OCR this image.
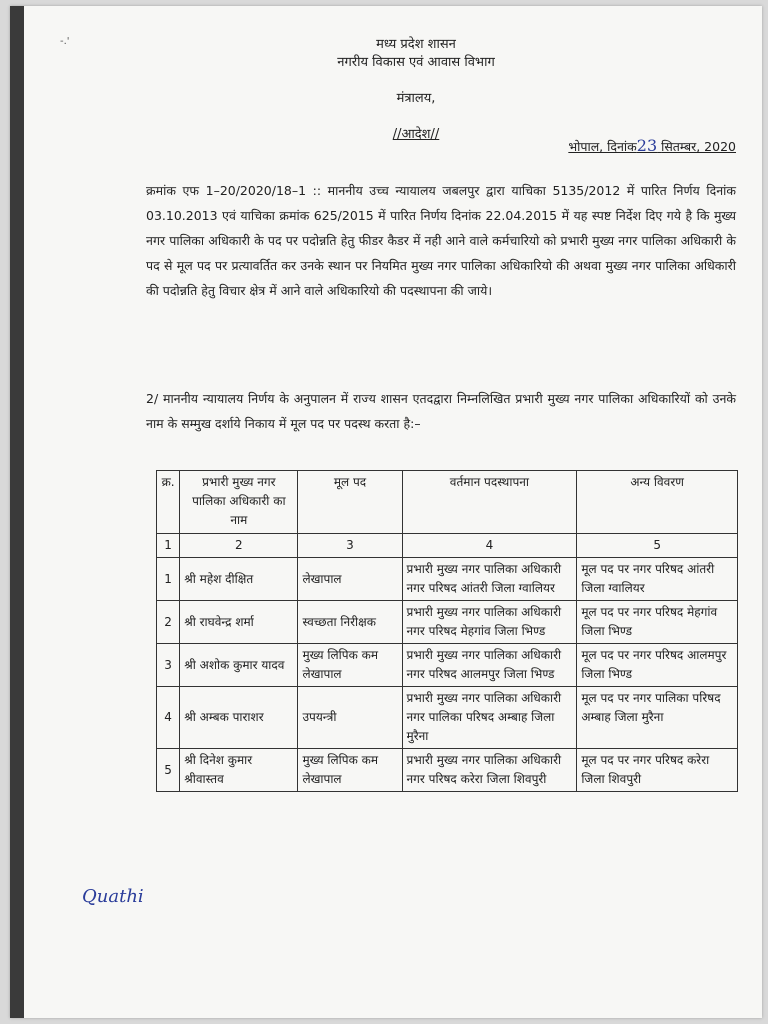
-.'	मध्य प्रदेश शासन
नगरीय विकास एवं आवास विभाग
मंत्रालय,
//आदेश//
भोपाल, दिनांक23 सितम्बर, 2020
क्रमांक एफ 1–20/2020/18–1 :: माननीय उच्च न्यायालय जबलपुर द्वारा याचिका 5135/2012 में पारित निर्णय दिनांक 03.10.2013 एवं याचिका क्रमांक 625/2015 में पारित निर्णय दिनांक 22.04.2015 में यह स्पष्ट निर्देश दिए गये है कि मुख्य नगर पालिका अधिकारी के पद पर पदोन्नति हेतु फीडर कैडर में नही आने वाले कर्मचारियो को प्रभारी मुख्य नगर पालिका अधिकारी के पद से मूल पद पर प्रत्यावर्तित कर उनके स्थान पर नियमित मुख्य नगर पालिका अधिकारियो की अथवा मुख्य नगर पालिका अधिकारी की पदोन्नति हेतु विचार क्षेत्र में आने वाले अधिकारियो की पदस्थापना की जाये।
2/ माननीय न्यायालय निर्णय के अनुपालन में राज्य शासन एतदद्वारा निम्नलिखित प्रभारी मुख्य नगर पालिका अधिकारियों को उनके नाम के सम्मुख दर्शाये निकाय में मूल पद पर पदस्थ करता है:–
क्र.	प्रभारी मुख्य नगर पालिका अधिकारी का नाम	मूल पद	वर्तमान पदस्थापना	अन्य विवरण
1	2	3	4	5
1	श्री महेश दीक्षित	लेखापाल	प्रभारी मुख्य नगर पालिका अधिकारी नगर परिषद आंतरी जिला ग्वालियर	मूल पद पर नगर परिषद आंतरी जिला ग्वालियर
2	श्री राघवेन्द्र शर्मा	स्वच्छता निरीक्षक	प्रभारी मुख्य नगर पालिका अधिकारी नगर परिषद मेहगांव जिला भिण्ड	मूल पद पर नगर परिषद मेहगांव जिला भिण्ड
3	श्री अशोक कुमार यादव	मुख्य लिपिक कम लेखापाल	प्रभारी मुख्य नगर पालिका अधिकारी नगर परिषद आलमपुर जिला भिण्ड	मूल पद पर नगर परिषद आलमपुर जिला भिण्ड
4	श्री अम्बक पाराशर	उपयन्त्री	प्रभारी मुख्य नगर पालिका अधिकारी नगर पालिका परिषद अम्बाह जिला मुरैना	मूल पद पर नगर पालिका परिषद अम्बाह जिला मुरैना
5	श्री दिनेश कुमार श्रीवास्तव	मुख्य लिपिक कम लेखापाल	प्रभारी मुख्य नगर पालिका अधिकारी नगर परिषद करेरा जिला शिवपुरी	मूल पद पर नगर परिषद करेरा जिला शिवपुरी
Quathi
